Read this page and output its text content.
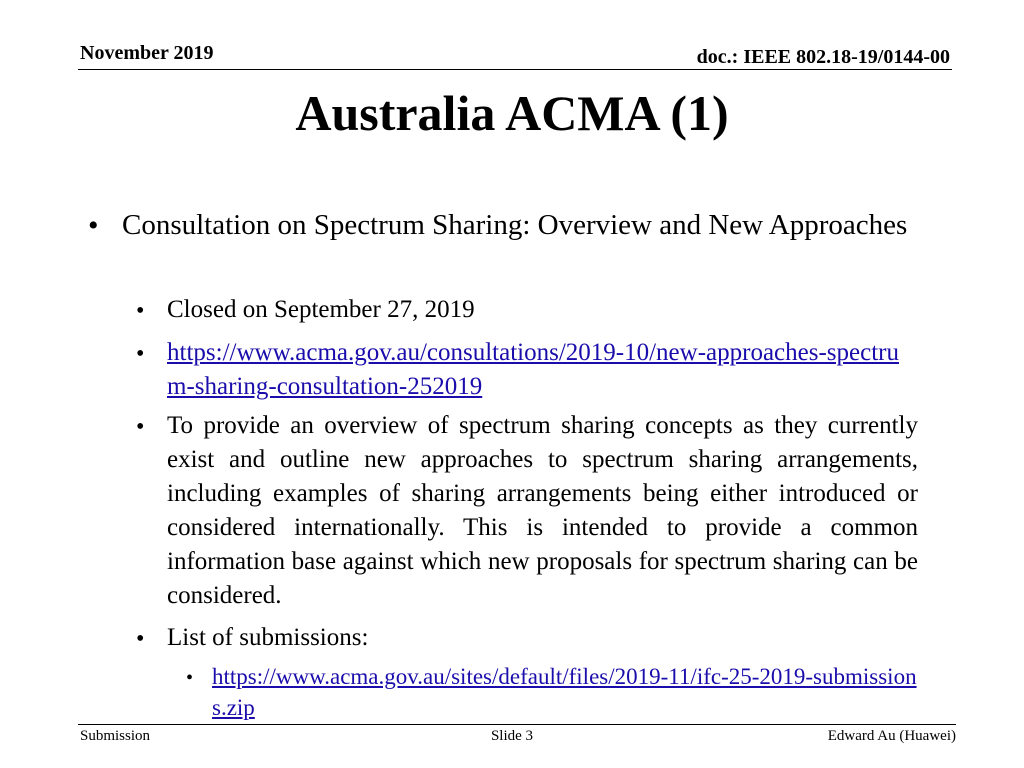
November 2019	doc.: IEEE 802.18-19/0144-00
Australia ACMA (1)
• Consultation on Spectrum Sharing: Overview and New Approaches
• Closed on September 27, 2019
• https://www.acma.gov.au/consultations/2019-10/new-approaches-spectrum-sharing-consultation-252019
• To provide an overview of spectrum sharing concepts as they currently exist and outline new approaches to spectrum sharing arrangements, including examples of sharing arrangements being either introduced or considered internationally. This is intended to provide a common information base against which new proposals for spectrum sharing can be considered.
• List of submissions:
• https://www.acma.gov.au/sites/default/files/2019-11/ifc-25-2019-submissions.zip
Submission	Slide 3	Edward Au (Huawei)
